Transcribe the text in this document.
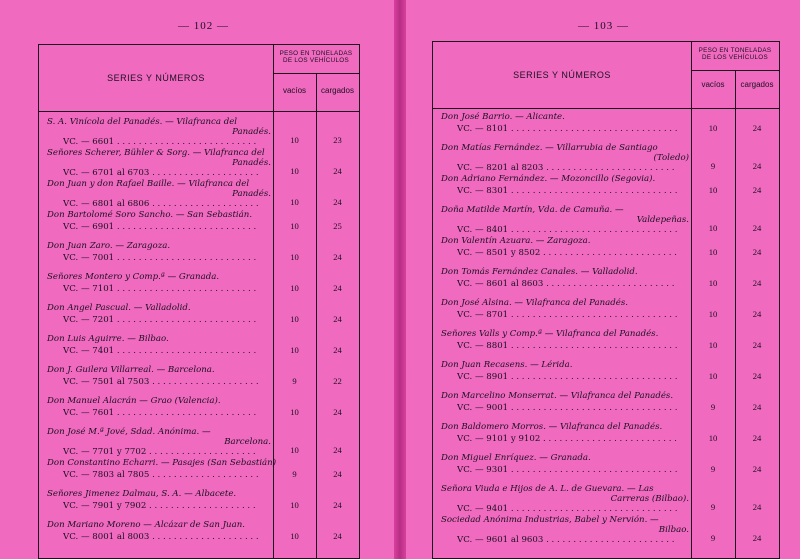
— 102 —
SERIES Y NÚMEROS
PESO EN TONELADAS
DE LOS VEHÍCULOS
vacíos	cargados
S. A. Vinícola del Panadés. — Vilafranca del
Panadés.
VC. — 6601 . . .	10	23
Señores Scherer, Bühler & Sorg. — Vilafranca del
Panadés.
VC. — 6701 al 6703 . . .	10	24
Don Juan y don Rafael Baille. — Vilafranca del
Panadés.
VC. — 6801 al 6806 . . .	10	24
Don Bartolomé Soro Sancho. — San Sebastián.
VC. — 6901 . . .	10	25
Don Juan Zaro. — Zaragoza.
VC. — 7001 . . .	10	24
Señores Montero y Comp.ª — Granada.
VC. — 7101 . . .	10	24
Don Angel Pascual. — Valladolid.
VC. — 7201 . . .	10	24
Don Luis Aguirre. — Bilbao.
VC. — 7401 . . .	10	24
Don J. Guilera Villarreal. — Barcelona.
VC. — 7501 al 7503 . . .	9	22
Don Manuel Alacrán — Grao (Valencia).
VC. — 7601 . . .	10	24
Don José M.ª Jové, Sdad. Anónima. —
Barcelona.
VC. — 7701 y 7702 . . .	10	24
Don Constantino Echarri. — Pasajes (San Sebastián)
VC. — 7803 al 7805 . . .	9	24
Señores Jimenez Dalmau, S. A. — Albacete.
VC. — 7901 y 7902 . . .	10	24
Don Mariano Moreno — Alcázar de San Juan.
VC. — 8001 al 8003 . . .	10	24
— 103 —
SERIES Y NÚMEROS
PESO EN TONELADAS
DE LOS VEHÍCULOS
vacíos	cargados
Don José Barrio. — Alicante.
VC. — 8101 . . .	10	24
Don Matías Fernández. — Villarrubia de Santiago
(Toledo)
VC. — 8201 al 8203 . . .	9	24
Don Adriano Fernández. — Mozoncillo (Segovia).
VC. — 8301 . . .	10	24
Doña Matilde Martín, Vda. de Camuña. —
Valdepeñas.
VC. — 8401 . . .	10	24
Don Valentín Azuara. — Zaragoza.
VC. — 8501 y 8502 . . .	10	24
Don Tomás Fernández Canales. — Valladolid.
VC. — 8601 al 8603 . . .	10	24
Don José Alsina. — Vilafranca del Panadés.
VC. — 8701 . . .	10	24
Señores Valls y Comp.ª — Vilafranca del Panadés.
VC. — 8801 . . .	10	24
Don Juan Recasens. — Lérida.
VC. — 8901 . . .	10	24
Don Marcelino Monserrat. — Vilafranca del Panadés.
VC. — 9001 . . .	9	24
Don Baldomero Morros. — Vilafranca del Panadés.
VC. — 9101 y 9102 . . .	10	24
Don Miguel Enríquez. — Granada.
VC. — 9301 . . .	9	24
Señora Viuda e Hijos de A. L. de Guevara. — Las
Carreras (Bilbao).
VC. — 9401 . . .	9	24
Sociedad Anónima Industrias, Babel y Nervión. —
Bilbao.
VC. — 9601 al 9603 . . .	9	24
